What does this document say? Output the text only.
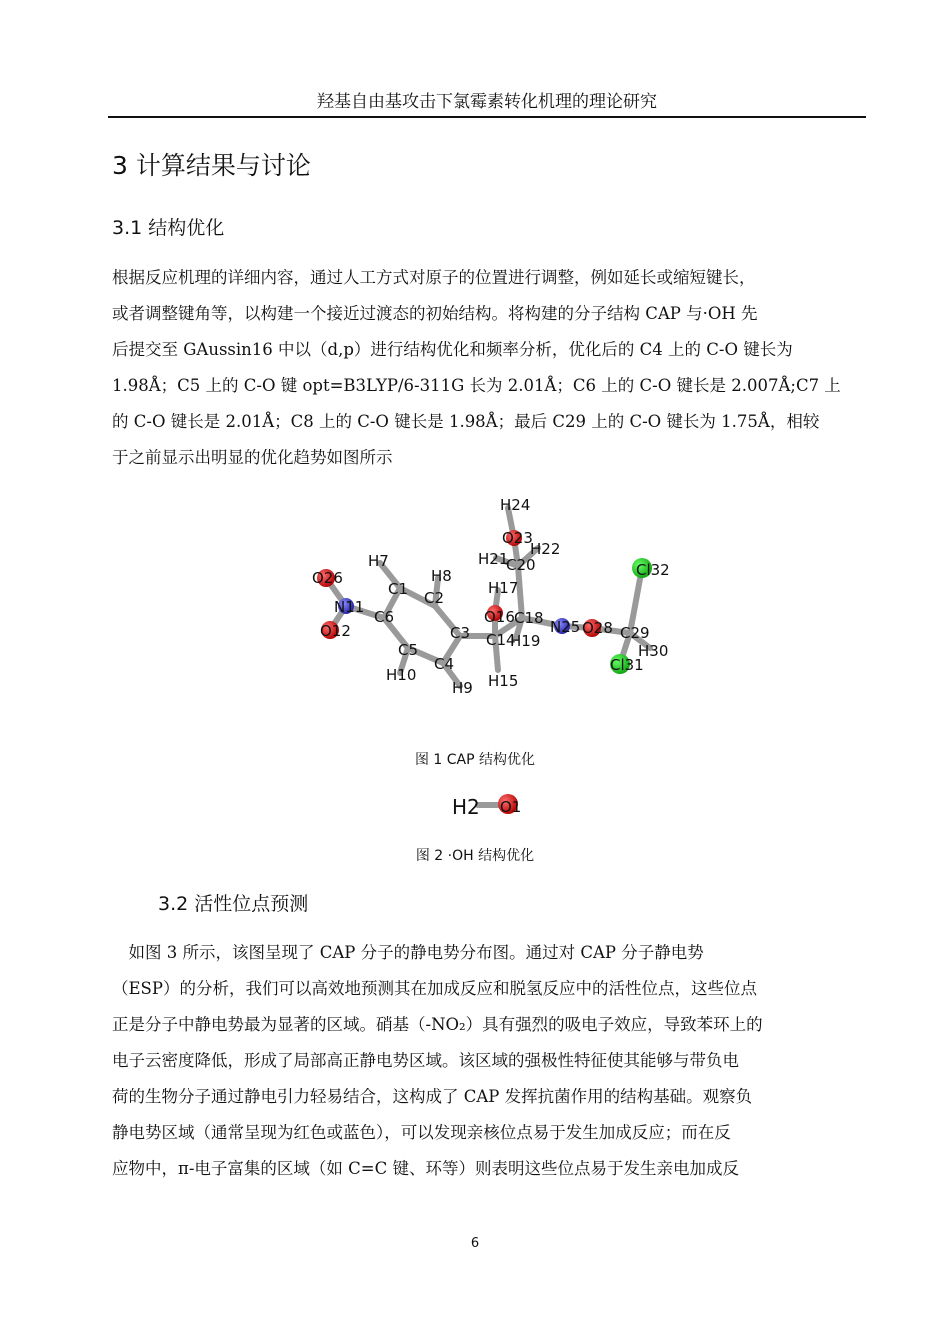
羟基自由基攻击下氯霉素转化机理的理论研究
3 计算结果与讨论
3.1 结构优化
根据反应机理的详细内容，通过人工方式对原子的位置进行调整，例如延长或缩短键长，
或者调整键角等，以构建一个接近过渡态的初始结构。将构建的分子结构 CAP 与·OH 先
后提交至 GAussin16 中以（d,p）进行结构优化和频率分析，优化后的 C4 上的 C-O 键长为
1.98Å；C5 上的 C-O 键 opt=B3LYP/6-311G 长为 2.01Å；C6 上的 C-O 键长是 2.007Å;C7 上
的 C-O 键长是 2.01Å；C8 上的 C-O 键长是 1.98Å；最后 C29 上的 C-O 键长为 1.75Å，相较
于之前显示出明显的优化趋势如图所示
H24
O23
H21
C20
H22
H7
H8
H17
O26
N11
O12
C1 C2
C6
C3
C5
C4
O16
C14
C18
H19
N25 O28 C29
Cl32
H30
Cl31
H10
H9 H15
图 1 CAP 结构优化
H2 O1
图 2 ·OH 结构优化
3.2 活性位点预测
　如图 3 所示，该图呈现了 CAP 分子的静电势分布图。通过对 CAP 分子静电势
（ESP）的分析，我们可以高效地预测其在加成反应和脱氢反应中的活性位点，这些位点
正是分子中静电势最为显著的区域。硝基（-NO₂）具有强烈的吸电子效应，导致苯环上的
电子云密度降低，形成了局部高正静电势区域。该区域的强极性特征使其能够与带负电
荷的生物分子通过静电引力轻易结合，这构成了 CAP 发挥抗菌作用的结构基础。观察负
静电势区域（通常呈现为红色或蓝色），可以发现亲核位点易于发生加成反应；而在反
应物中，π-电子富集的区域（如 C=C 键、环等）则表明这些位点易于发生亲电加成反
6
